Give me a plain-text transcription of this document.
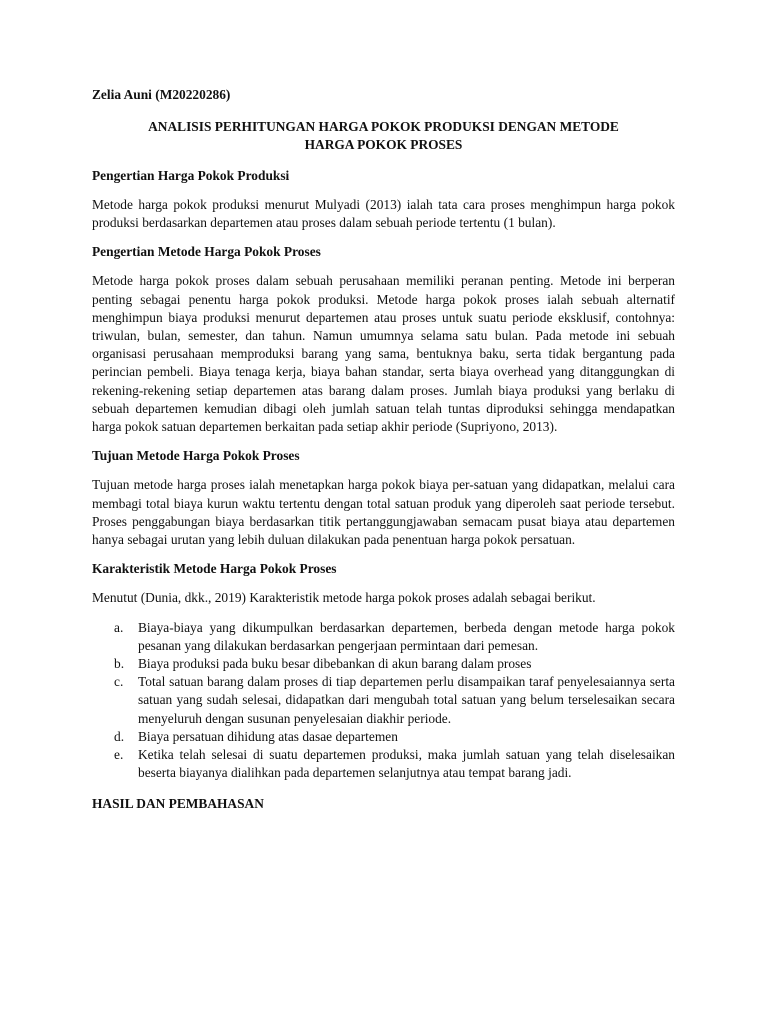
Zelia Auni (M20220286)

ANALISIS PERHITUNGAN HARGA POKOK PRODUKSI DENGAN METODE
HARGA POKOK PROSES

Pengertian Harga Pokok Produksi

Metode harga pokok produksi menurut Mulyadi (2013) ialah tata cara proses menghimpun harga pokok produksi berdasarkan departemen atau proses dalam sebuah periode tertentu (1 bulan).

Pengertian Metode Harga Pokok Proses

Metode harga pokok proses dalam sebuah perusahaan memiliki peranan penting. Metode ini berperan penting sebagai penentu harga pokok produksi. Metode harga pokok proses ialah sebuah alternatif menghimpun biaya produksi menurut departemen atau proses untuk suatu periode eksklusif, contohnya: triwulan, bulan, semester, dan tahun. Namun umumnya selama satu bulan. Pada metode ini sebuah organisasi perusahaan memproduksi barang yang sama, bentuknya baku, serta tidak bergantung pada perincian pembeli. Biaya tenaga kerja, biaya bahan standar, serta biaya overhead yang ditanggungkan di rekening-rekening setiap departemen atas barang dalam proses. Jumlah biaya produksi yang berlaku di sebuah departemen kemudian dibagi oleh jumlah satuan telah tuntas diproduksi sehingga mendapatkan harga pokok satuan departemen berkaitan pada setiap akhir periode (Supriyono, 2013).

Tujuan Metode Harga Pokok Proses

Tujuan metode harga proses ialah menetapkan harga pokok biaya per-satuan yang didapatkan, melalui cara membagi total biaya kurun waktu tertentu dengan total satuan produk yang diperoleh saat periode tersebut. Proses penggabungan biaya berdasarkan titik pertanggungjawaban semacam pusat biaya atau departemen hanya sebagai urutan yang lebih duluan dilakukan pada penentuan harga pokok persatuan.

Karakteristik Metode Harga Pokok Proses

Menutut (Dunia, dkk., 2019) Karakteristik metode harga pokok proses adalah sebagai berikut.

a. Biaya-biaya yang dikumpulkan berdasarkan departemen, berbeda dengan metode harga pokok pesanan yang dilakukan berdasarkan pengerjaan permintaan dari pemesan.
b. Biaya produksi pada buku besar dibebankan di akun barang dalam proses
c. Total satuan barang dalam proses di tiap departemen perlu disampaikan taraf penyelesaiannya serta satuan yang sudah selesai, didapatkan dari mengubah total satuan yang belum terselesaikan secara menyeluruh dengan susunan penyelesaian diakhir periode.
d. Biaya persatuan dihidung atas dasae departemen
e. Ketika telah selesai di suatu departemen produksi, maka jumlah satuan yang telah diselesaikan beserta biayanya dialihkan pada departemen selanjutnya atau tempat barang jadi.

HASIL DAN PEMBAHASAN
